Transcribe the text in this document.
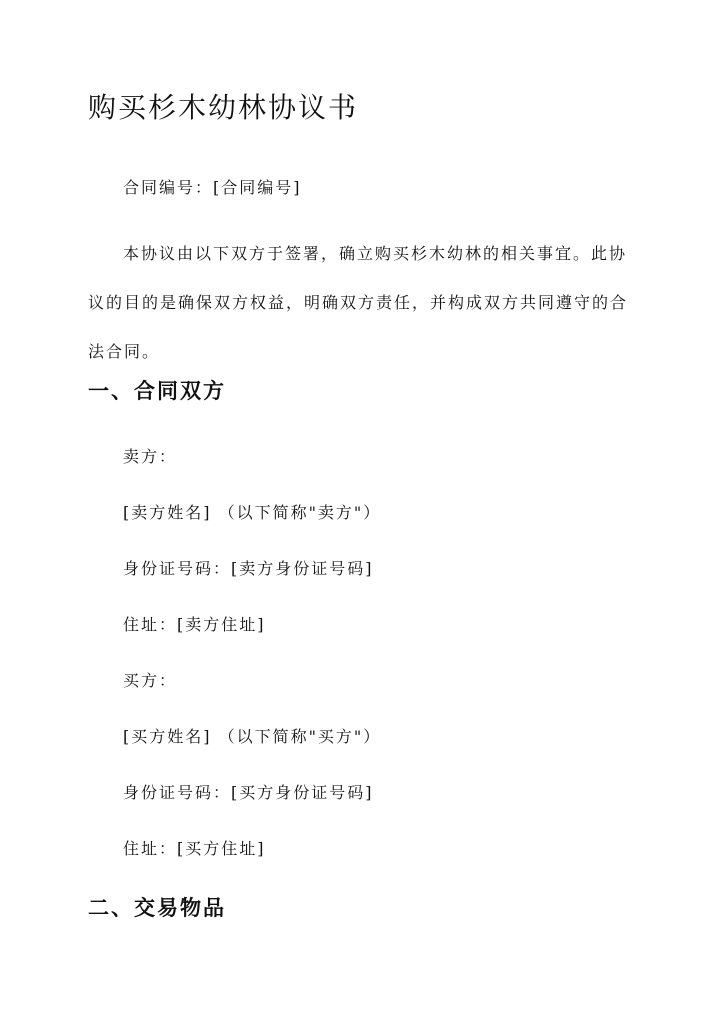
购买杉木幼林协议书

合同编号：[合同编号]

本协议由以下双方于签署，确立购买杉木幼林的相关事宜。此协议的目的是确保双方权益，明确双方责任，并构成双方共同遵守的合法合同。

一、合同双方

卖方：

[卖方姓名] （以下简称"卖方"）

身份证号码：[卖方身份证号码]

住址：[卖方住址]

买方：

[买方姓名] （以下简称"买方"）

身份证号码：[买方身份证号码]

住址：[买方住址]

二、交易物品
